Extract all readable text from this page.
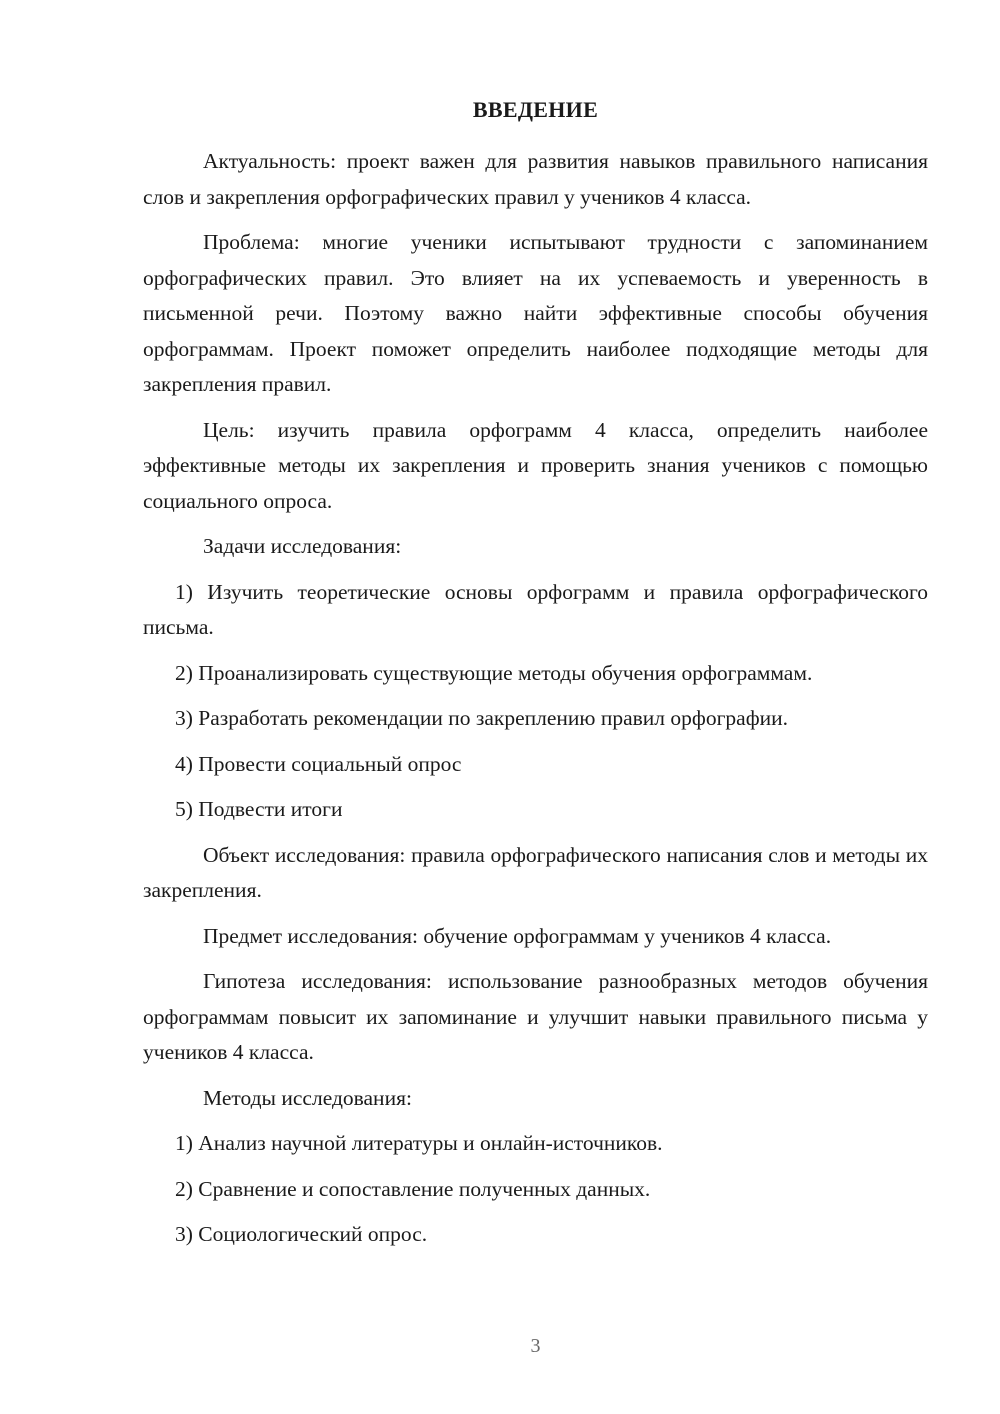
ВВЕДЕНИЕ

Актуальность: проект важен для развития навыков правильного написания слов и закрепления орфографических правил у учеников 4 класса.

Проблема: многие ученики испытывают трудности с запоминанием орфографических правил. Это влияет на их успеваемость и уверенность в письменной речи. Поэтому важно найти эффективные способы обучения орфограммам. Проект поможет определить наиболее подходящие методы для закрепления правил.

Цель: изучить правила орфограмм 4 класса, определить наиболее эффективные методы их закрепления и проверить знания учеников с помощью социального опроса.

Задачи исследования:

1) Изучить теоретические основы орфограмм и правила орфографического письма.

2) Проанализировать существующие методы обучения орфограммам.

3) Разработать рекомендации по закреплению правил орфографии.

4) Провести социальный опрос

5) Подвести итоги

Объект исследования: правила орфографического написания слов и методы их закрепления.

Предмет исследования: обучение орфограммам у учеников 4 класса.

Гипотеза исследования: использование разнообразных методов обучения орфограммам повысит их запоминание и улучшит навыки правильного письма у учеников 4 класса.

Методы исследования:

1) Анализ научной литературы и онлайн-источников.

2) Сравнение и сопоставление полученных данных.

3) Социологический опрос.

3
